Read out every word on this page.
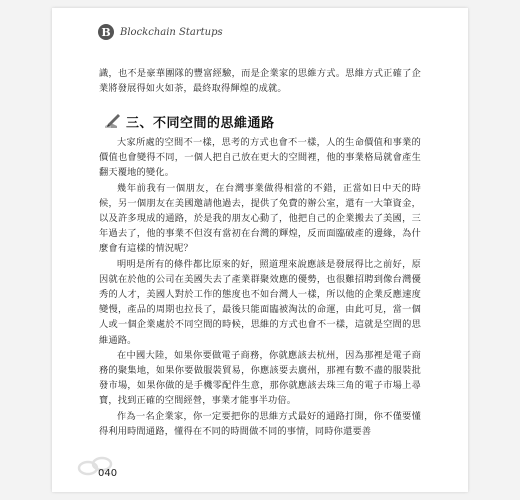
B Blockchain Startups

識，也不是豪華團隊的豐富經驗，而是企業家的思維方式。思維方式正確了企業將發展得如火如荼，最終取得輝煌的成就。

三、不同空間的思維通路

大家所處的空間不一樣，思考的方式也會不一樣，人的生命價值和事業的價值也會變得不同，一個人把自己放在更大的空間裡，他的事業格局就會產生翻天覆地的變化。

幾年前我有一個朋友，在台灣事業做得相當的不錯，正當如日中天的時候，另一個朋友在美國邀請他過去，提供了免費的辦公室，還有一大筆資金，以及許多現成的通路，於是我的朋友心動了，他把自己的企業搬去了美國，三年過去了，他的事業不但沒有當初在台灣的輝煌，反而面臨破產的邊緣，為什麼會有這樣的情況呢？

明明是所有的條件都比原來的好，照道理來說應該是發展得比之前好，原因就在於他的公司在美國失去了產業群聚效應的優勢，也很難招聘到像台灣優秀的人才，美國人對於工作的態度也不如台灣人一樣，所以他的企業反應速度變慢，產品的周期也拉長了，最後只能面臨被淘汰的命運，由此可見，當一個人或一個企業處於不同空間的時候，思維的方式也會不一樣，這就是空間的思維通路。

在中國大陸，如果你要做電子商務，你就應該去杭州，因為那裡是電子商務的聚集地，如果你要做服裝貿易，你應該要去廣州，那裡有數不盡的服裝批發市場，如果你做的是手機零配件生意，那你就應該去珠三角的電子市場上尋寶，找到正確的空間經營，事業才能事半功倍。

作為一名企業家，你一定要把你的思維方式最好的通路打開，你不僅要懂得利用時間通路，懂得在不同的時間做不同的事情，同時你還要善

040
